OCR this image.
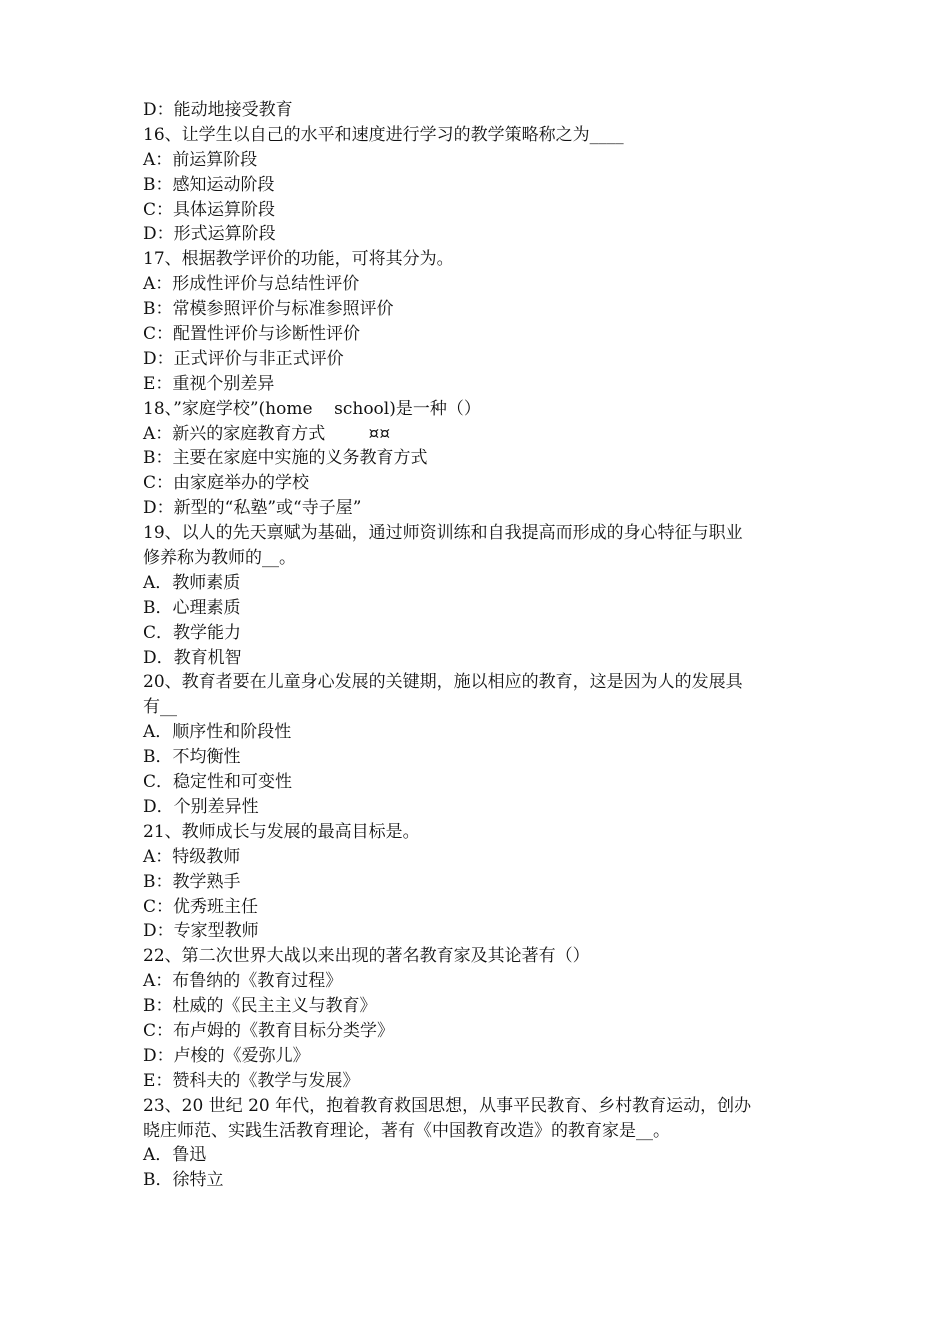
D：能动地接受教育
16、让学生以自己的水平和速度进行学习的教学策略称之为____
A：前运算阶段
B：感知运动阶段
C：具体运算阶段
D：形式运算阶段
17、根据教学评价的功能，可将其分为。
A：形成性评价与总结性评价
B：常模参照评价与标准参照评价
C：配置性评价与诊断性评价
D：正式评价与非正式评价
E：重视个别差异
18、”家庭学校”(home    school)是一种（）
A：新兴的家庭教育方式        ¤¤
B：主要在家庭中实施的义务教育方式
C：由家庭举办的学校
D：新型的“私塾”或“寺子屋”
19、以人的先天禀赋为基础，通过师资训练和自我提高而形成的身心特征与职业
修养称为教师的__。
A．教师素质
B．心理素质
C．教学能力
D．教育机智
20、教育者要在儿童身心发展的关键期，施以相应的教育，这是因为人的发展具
有__
A．顺序性和阶段性
B．不均衡性
C．稳定性和可变性
D．个别差异性
21、教师成长与发展的最高目标是。
A：特级教师
B：教学熟手
C：优秀班主任
D：专家型教师
22、第二次世界大战以来出现的著名教育家及其论著有（）
A：布鲁纳的《教育过程》
B：杜威的《民主主义与教育》
C：布卢姆的《教育目标分类学》
D：卢梭的《爱弥儿》
E：赞科夫的《教学与发展》
23、20 世纪 20 年代，抱着教育救国思想，从事平民教育、乡村教育运动，创办
晓庄师范、实践生活教育理论，著有《中国教育改造》的教育家是__。
A．鲁迅
B．徐特立
